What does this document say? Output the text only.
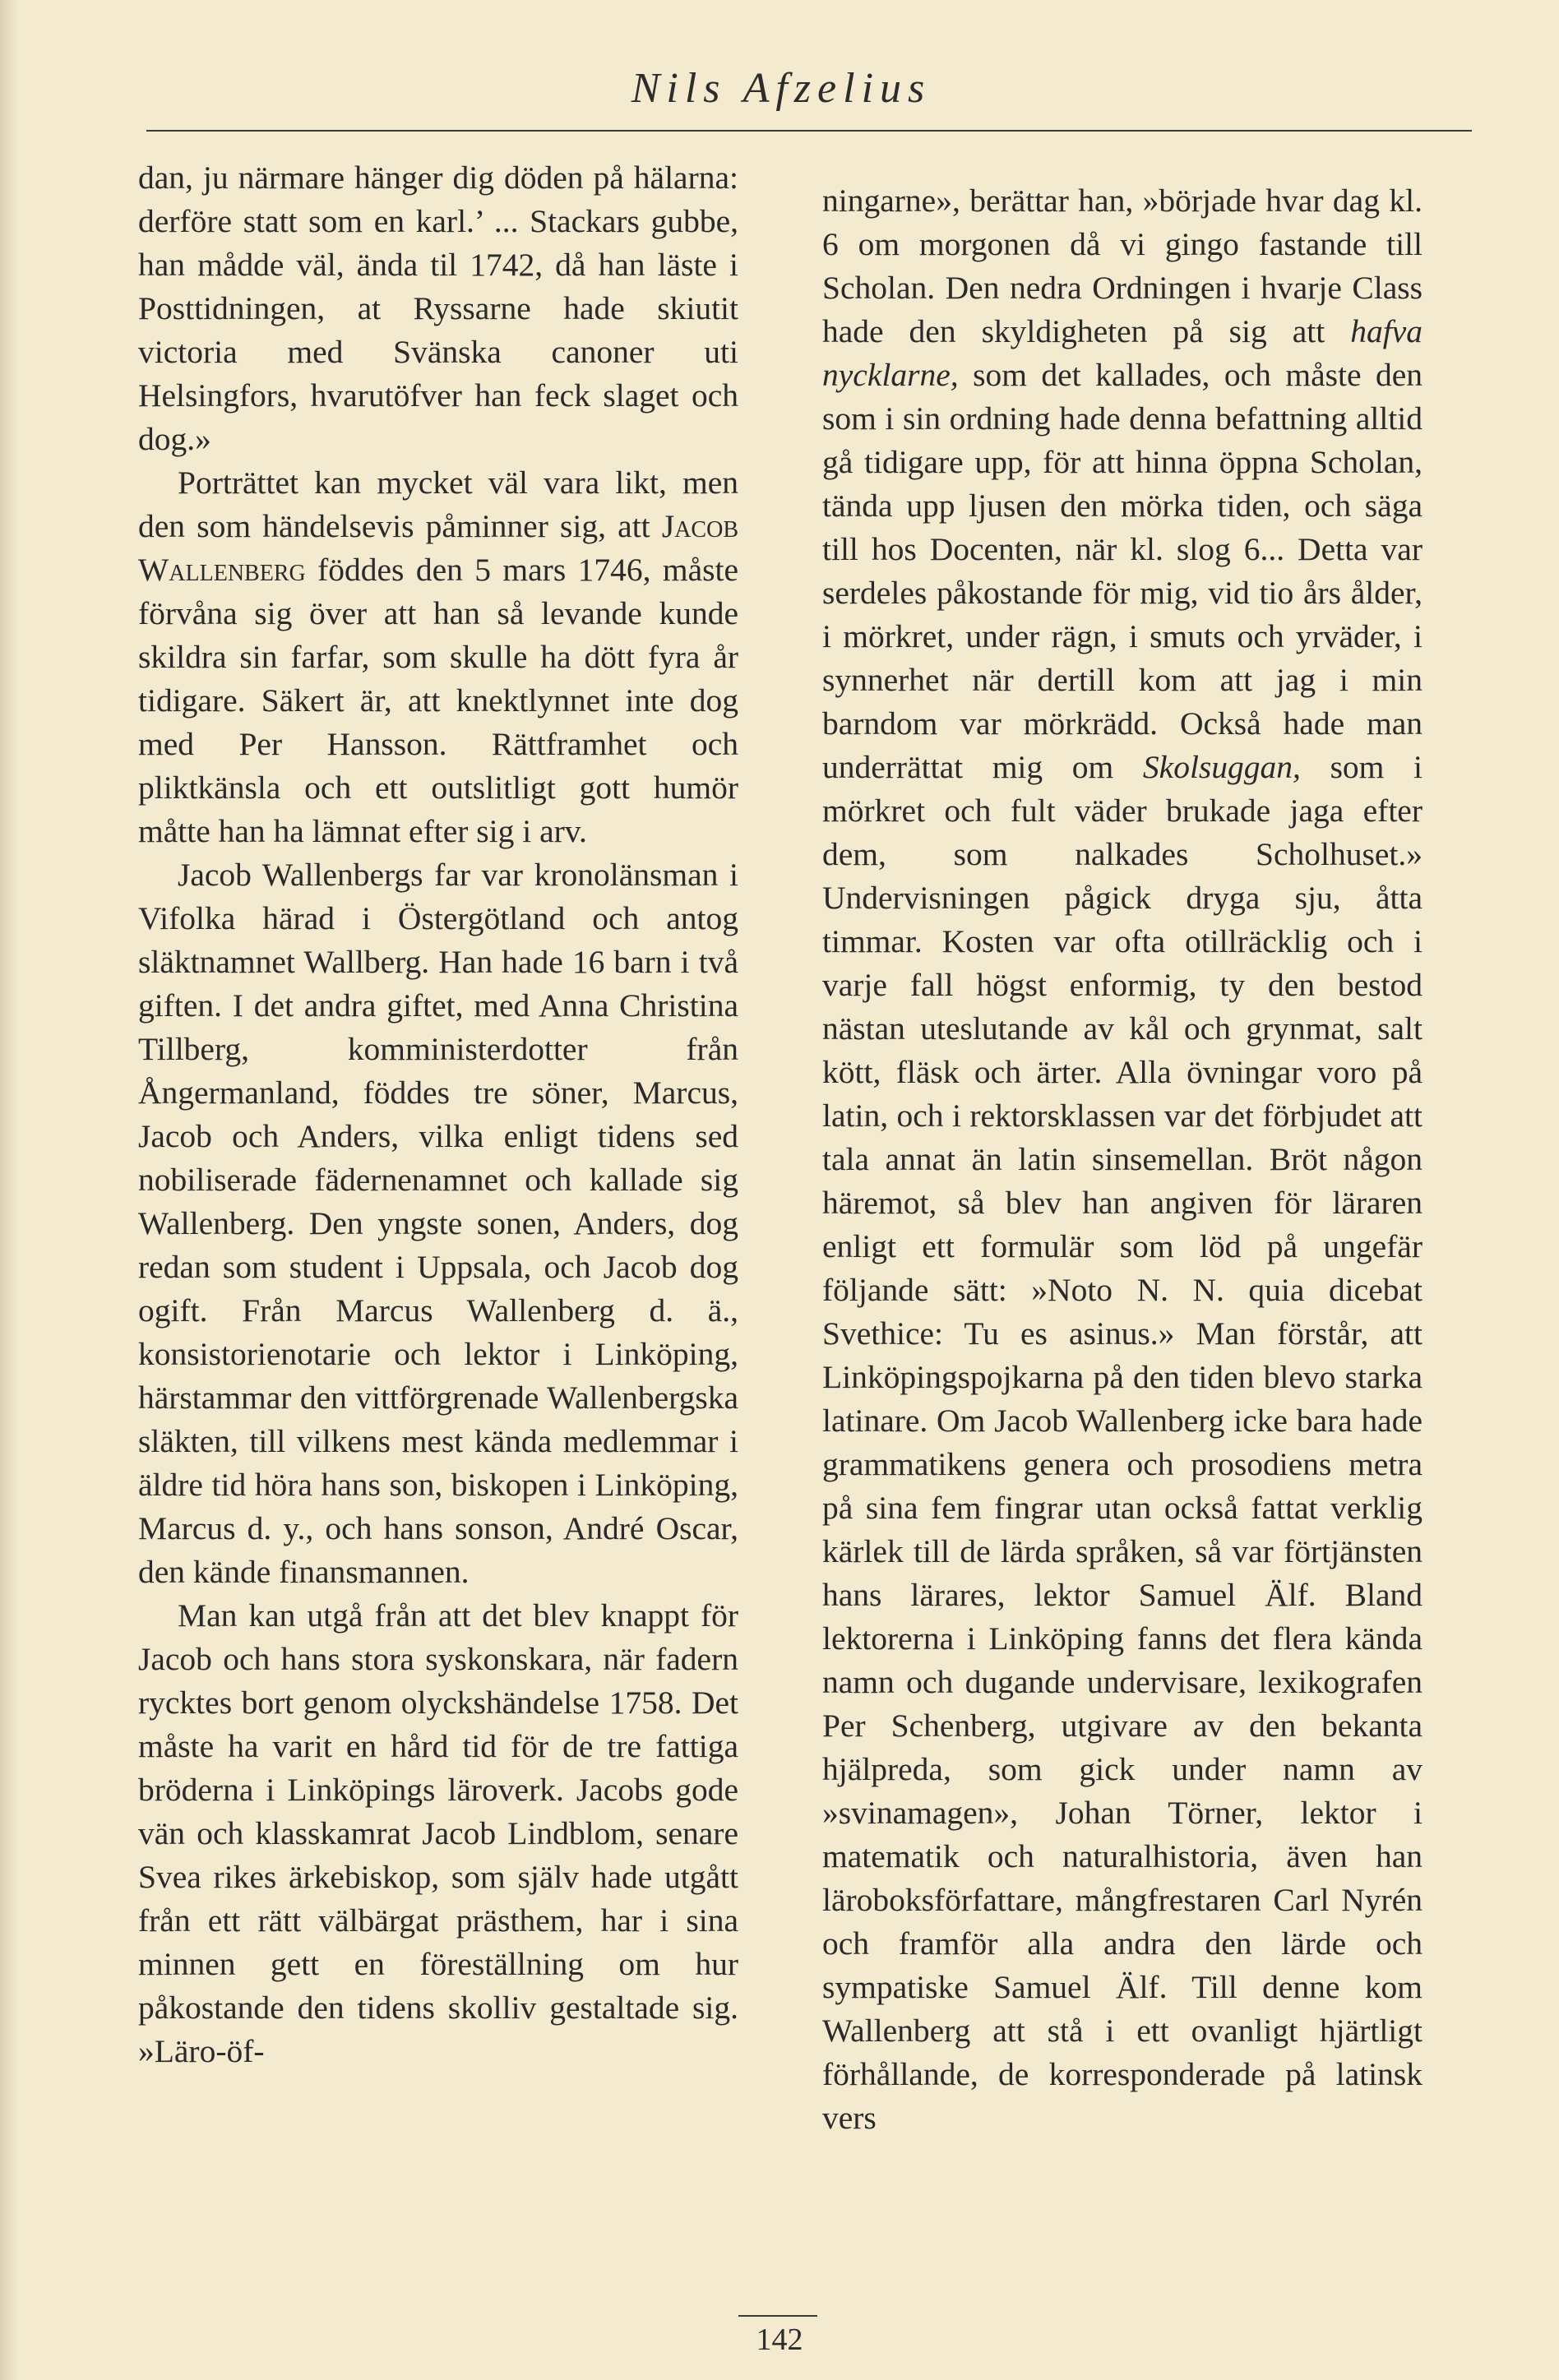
Nils Afzelius

dan, ju närmare hänger dig döden på hälarna: derföre statt som en karl.’ ... Stackars gubbe, han mådde väl, ända til 1742, då han läste i Posttidningen, at Ryssarne hade skiutit victoria med Svänska canoner uti Helsingfors, hvarutöfver han feck slaget och dog.»

Porträttet kan mycket väl vara likt, men den som händelsevis påminner sig, att Jacob Wallenberg föddes den 5 mars 1746, måste förvåna sig över att han så levande kunde skildra sin farfar, som skulle ha dött fyra år tidigare. Säkert är, att knektlynnet inte dog med Per Hansson. Rättframhet och pliktkänsla och ett outslitligt gott humör måtte han ha lämnat efter sig i arv.

Jacob Wallenbergs far var kronolänsman i Vifolka härad i Östergötland och antog släktnamnet Wallberg. Han hade 16 barn i två giften. I det andra giftet, med Anna Christina Tillberg, komministerdotter från Ångermanland, föddes tre söner, Marcus, Jacob och Anders, vilka enligt tidens sed nobiliserade fädernenamnet och kallade sig Wallenberg. Den yngste sonen, Anders, dog redan som student i Uppsala, och Jacob dog ogift. Från Marcus Wallenberg d. ä., konsistorienotarie och lektor i Linköping, härstammar den vittförgrenade Wallenbergska släkten, till vilkens mest kända medlemmar i äldre tid höra hans son, biskopen i Linköping, Marcus d. y., och hans sonson, André Oscar, den kände finansmannen.

Man kan utgå från att det blev knappt för Jacob och hans stora syskonskara, när fadern rycktes bort genom olyckshändelse 1758. Det måste ha varit en hård tid för de tre fattiga bröderna i Linköpings läroverk. Jacobs gode vän och klasskamrat Jacob Lindblom, senare Svea rikes ärkebiskop, som själv hade utgått från ett rätt välbärgat prästhem, har i sina minnen gett en föreställning om hur påkostande den tidens skolliv gestaltade sig. »Läro-öf-

ningarne», berättar han, »började hvar dag kl. 6 om morgonen då vi gingo fastande till Scholan. Den nedra Ordningen i hvarje Class hade den skyldigheten på sig att hafva nycklarne, som det kallades, och måste den som i sin ordning hade denna befattning alltid gå tidigare upp, för att hinna öppna Scholan, tända upp ljusen den mörka tiden, och säga till hos Docenten, när kl. slog 6... Detta var serdeles påkostande för mig, vid tio års ålder, i mörkret, under rägn, i smuts och yrväder, i synnerhet när dertill kom att jag i min barndom var mörkrädd. Också hade man underrättat mig om Skolsuggan, som i mörkret och fult väder brukade jaga efter dem, som nalkades Scholhuset.» Undervisningen pågick dryga sju, åtta timmar. Kosten var ofta otillräcklig och i varje fall högst enformig, ty den bestod nästan uteslutande av kål och grynmat, salt kött, fläsk och ärter. Alla övningar voro på latin, och i rektorsklassen var det förbjudet att tala annat än latin sinsemellan. Bröt någon häremot, så blev han angiven för läraren enligt ett formulär som löd på ungefär följande sätt: »Noto N. N. quia dicebat Svethice: Tu es asinus.» Man förstår, att Linköpingspojkarna på den tiden blevo starka latinare. Om Jacob Wallenberg icke bara hade grammatikens genera och prosodiens metra på sina fem fingrar utan också fattat verklig kärlek till de lärda språken, så var förtjänsten hans lärares, lektor Samuel Älf. Bland lektorerna i Linköping fanns det flera kända namn och dugande undervisare, lexikografen Per Schenberg, utgivare av den bekanta hjälpreda, som gick under namn av »svinamagen», Johan Törner, lektor i matematik och naturalhistoria, även han läroboksförfattare, mångfrestaren Carl Nyrén och framför alla andra den lärde och sympatiske Samuel Älf. Till denne kom Wallenberg att stå i ett ovanligt hjärtligt förhållande, de korresponderade på latinsk vers

142
